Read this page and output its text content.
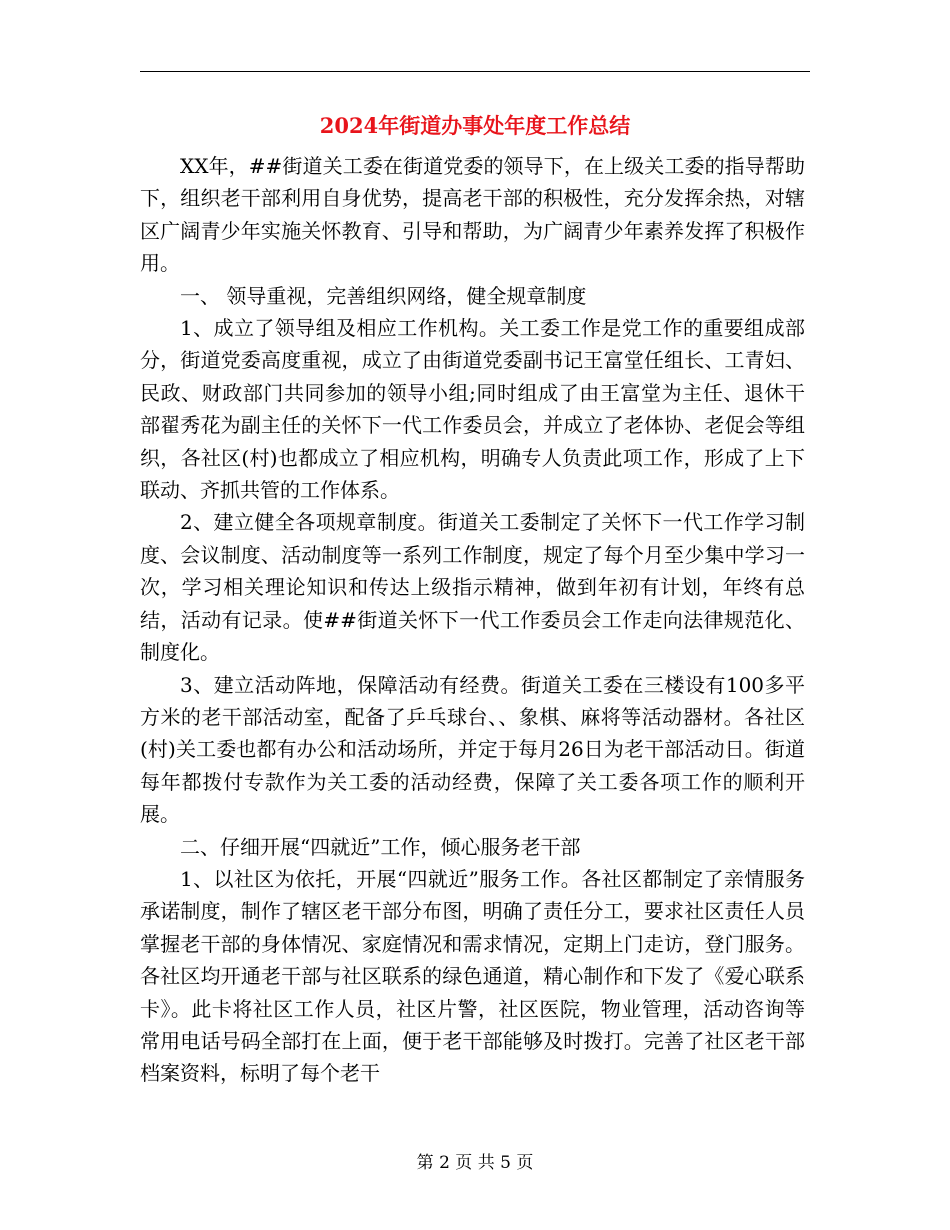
2024年街道办事处年度工作总结

XX年，##街道关工委在街道党委的领导下，在上级关工委的指导帮助下，组织老干部利用自身优势，提高老干部的积极性，充分发挥余热，对辖区广阔青少年实施关怀教育、引导和帮助，为广阔青少年素养发挥了积极作用。

一、 领导重视，完善组织网络，健全规章制度

1、成立了领导组及相应工作机构。关工委工作是党工作的重要组成部分，街道党委高度重视，成立了由街道党委副书记王富堂任组长、工青妇、民政、财政部门共同参加的领导小组;同时组成了由王富堂为主任、退休干部翟秀花为副主任的关怀下一代工作委员会，并成立了老体协、老促会等组织，各社区(村)也都成立了相应机构，明确专人负责此项工作，形成了上下联动、齐抓共管的工作体系。

2、建立健全各项规章制度。街道关工委制定了关怀下一代工作学习制度、会议制度、活动制度等一系列工作制度，规定了每个月至少集中学习一次，学习相关理论知识和传达上级指示精神，做到年初有计划，年终有总结，活动有记录。使##街道关怀下一代工作委员会工作走向法律规范化、制度化。

3、建立活动阵地，保障活动有经费。街道关工委在三楼设有100多平方米的老干部活动室，配备了乒乓球台、、象棋、麻将等活动器材。各社区(村)关工委也都有办公和活动场所，并定于每月26日为老干部活动日。街道每年都拨付专款作为关工委的活动经费，保障了关工委各项工作的顺利开展。

二、仔细开展“四就近”工作，倾心服务老干部

1、以社区为依托，开展“四就近”服务工作。各社区都制定了亲情服务承诺制度，制作了辖区老干部分布图，明确了责任分工，要求社区责任人员掌握老干部的身体情况、家庭情况和需求情况，定期上门走访，登门服务。各社区均开通老干部与社区联系的绿色通道，精心制作和下发了《爱心联系卡》。此卡将社区工作人员，社区片警，社区医院，物业管理，活动咨询等常用电话号码全部打在上面，便于老干部能够及时拨打。完善了社区老干部档案资料，标明了每个老干

第 2 页 共 5 页
